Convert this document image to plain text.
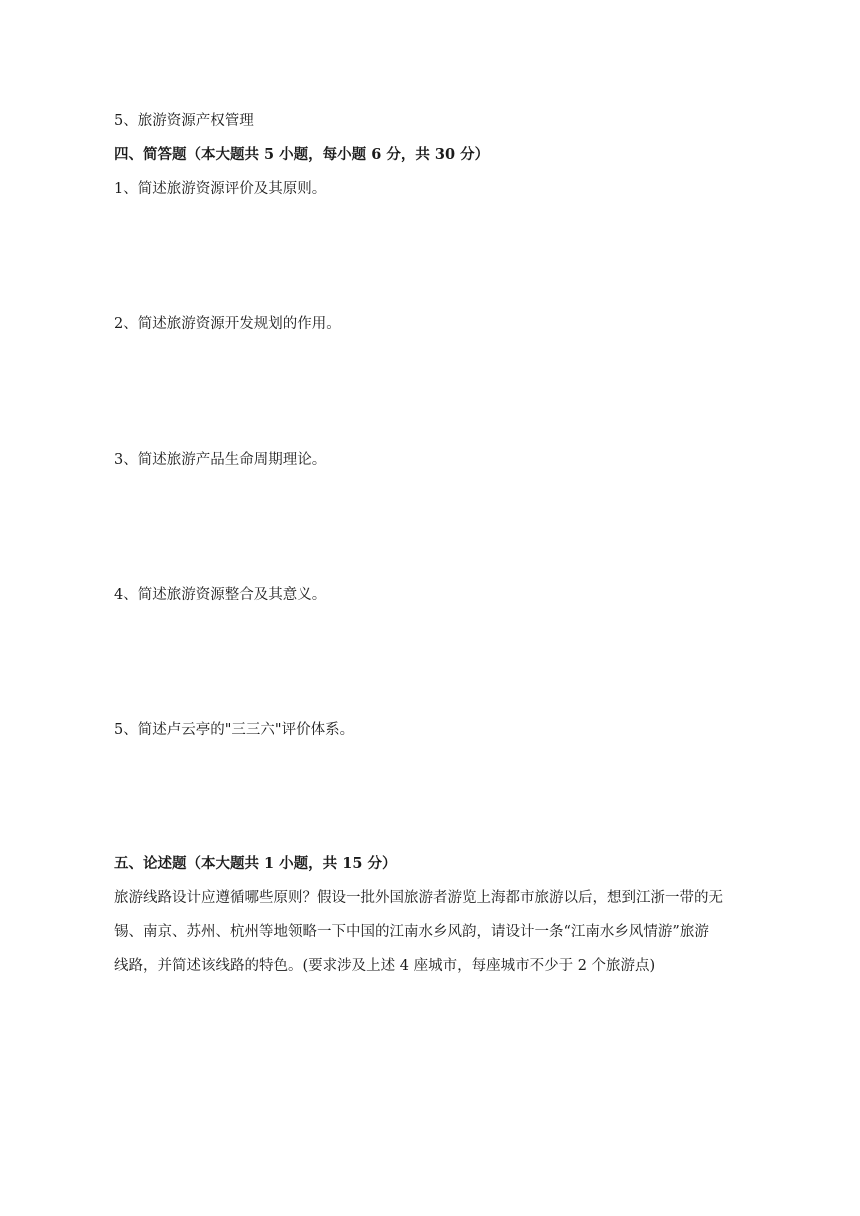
5、旅游资源产权管理
四、简答题（本大题共 5 小题，每小题 6 分，共 30 分）
1、简述旅游资源评价及其原则。
2、简述旅游资源开发规划的作用。
3、简述旅游产品生命周期理论。
4、简述旅游资源整合及其意义。
5、简述卢云亭的"三三六"评价体系。
五、论述题（本大题共 1 小题，共 15 分）
旅游线路设计应遵循哪些原则？假设一批外国旅游者游览上海都市旅游以后，想到江浙一带的无
锡、南京、苏州、杭州等地领略一下中国的江南水乡风韵，请设计一条“江南水乡风情游”旅游
线路，并简述该线路的特色。(要求涉及上述 4 座城市，每座城市不少于 2 个旅游点)
